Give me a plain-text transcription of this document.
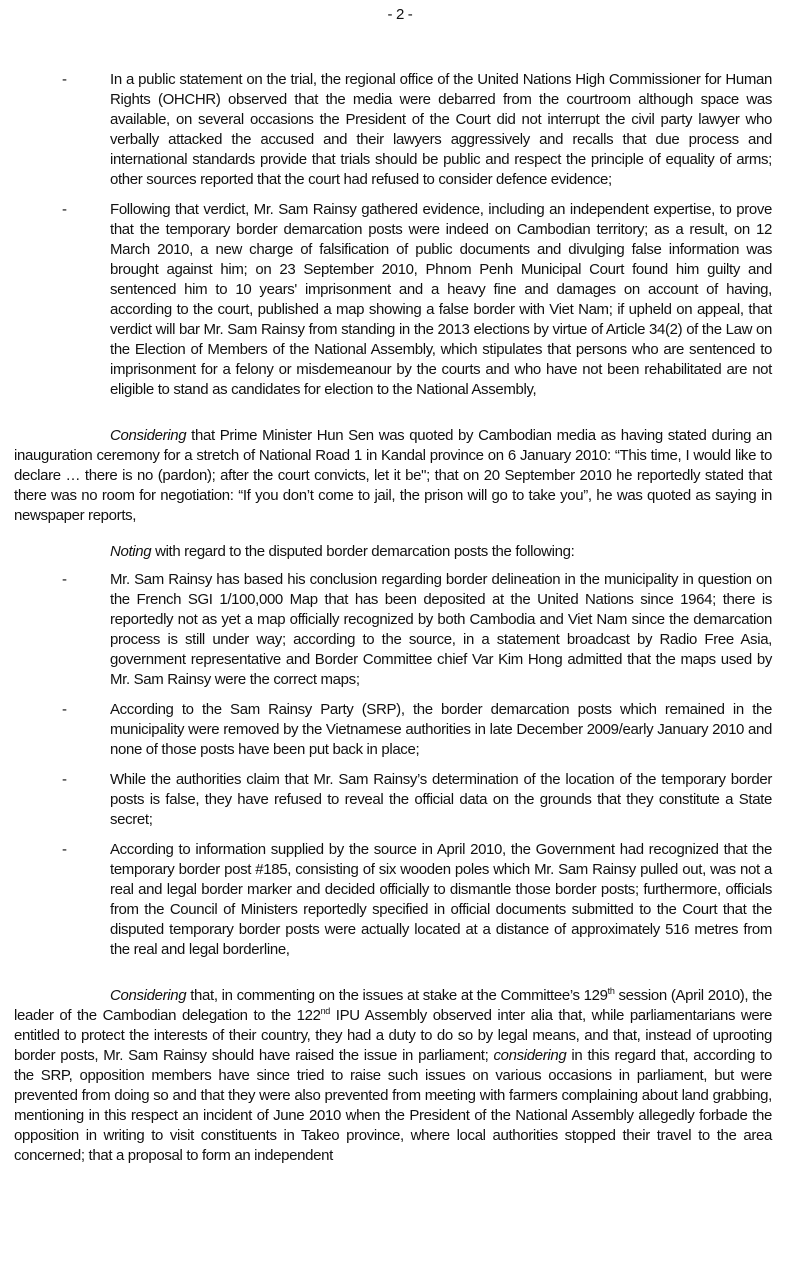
- 2 -
-	In a public statement on the trial, the regional office of the United Nations High Commissioner for Human Rights (OHCHR) observed that the media were debarred from the courtroom although space was available, on several occasions the President of the Court did not interrupt the civil party lawyer who verbally attacked the accused and their lawyers aggressively and recalls that due process and international standards provide that trials should be public and respect the principle of equality of arms; other sources reported that the court had refused to consider defence evidence;
-	Following that verdict, Mr. Sam Rainsy gathered evidence, including an independent expertise, to prove that the temporary border demarcation posts were indeed on Cambodian territory; as a result, on 12 March 2010, a new charge of falsification of public documents and divulging false information was brought against him; on 23 September 2010, Phnom Penh Municipal Court found him guilty and sentenced him to 10 years' imprisonment and a heavy fine and damages on account of having, according to the court, published a map showing a false border with Viet Nam; if upheld on appeal, that verdict will bar Mr. Sam Rainsy from standing in the 2013 elections by virtue of Article 34(2) of the Law on the Election of Members of the National Assembly, which stipulates that persons who are sentenced to imprisonment for a felony or misdemeanour by the courts and who have not been rehabilitated are not eligible to stand as candidates for election to the National Assembly,
Considering that Prime Minister Hun Sen was quoted by Cambodian media as having stated during an inauguration ceremony for a stretch of National Road 1 in Kandal province on 6 January 2010: “This time, I would like to declare … there is no (pardon); after the court convicts, let it be"; that on 20 September 2010 he reportedly stated that there was no room for negotiation: “If you don’t come to jail, the prison will go to take you”, he was quoted as saying in newspaper reports,
Noting with regard to the disputed border demarcation posts the following:
-	Mr. Sam Rainsy has based his conclusion regarding border delineation in the municipality in question on the French SGI 1/100,000 Map that has been deposited at the United Nations since 1964; there is reportedly not as yet a map officially recognized by both Cambodia and Viet Nam since the demarcation process is still under way; according to the source, in a statement broadcast by Radio Free Asia, government representative and Border Committee chief Var Kim Hong admitted that the maps used by Mr. Sam Rainsy were the correct maps;
-	According to the Sam Rainsy Party (SRP), the border demarcation posts which remained in the municipality were removed by the Vietnamese authorities in late December 2009/early January 2010 and none of those posts have been put back in place;
-	While the authorities claim that Mr. Sam Rainsy’s determination of the location of the temporary border posts is false, they have refused to reveal the official data on the grounds that they constitute a State secret;
-	According to information supplied by the source in April 2010, the Government had recognized that the temporary border post #185, consisting of six wooden poles which Mr. Sam Rainsy pulled out, was not a real and legal border marker and decided officially to dismantle those border posts; furthermore, officials from the Council of Ministers reportedly specified in official documents submitted to the Court that the disputed temporary border posts were actually located at a distance of approximately 516 metres from the real and legal borderline,
Considering that, in commenting on the issues at stake at the Committee’s 129th session (April 2010), the leader of the Cambodian delegation to the 122nd IPU Assembly observed inter alia that, while parliamentarians were entitled to protect the interests of their country, they had a duty to do so by legal means, and that, instead of uprooting border posts, Mr. Sam Rainsy should have raised the issue in parliament; considering in this regard that, according to the SRP, opposition members have since tried to raise such issues on various occasions in parliament, but were prevented from doing so and that they were also prevented from meeting with farmers complaining about land grabbing, mentioning in this respect an incident of June 2010 when the President of the National Assembly allegedly forbade the opposition in writing to visit constituents in Takeo province, where local authorities stopped their travel to the area concerned; that a proposal to form an independent
